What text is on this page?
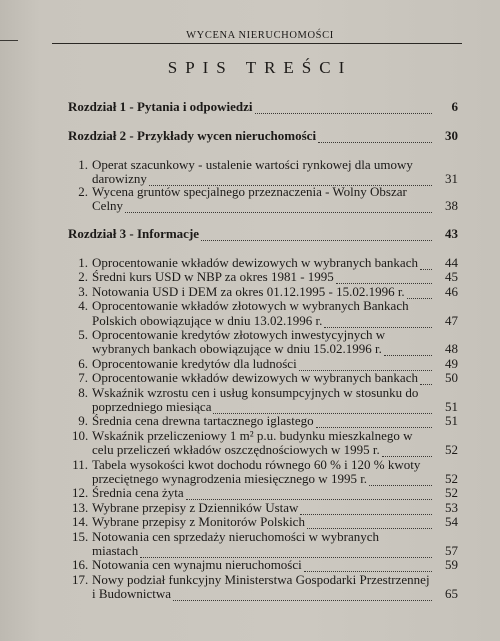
WYCENA NIERUCHOMOŚCI
SPIS TREŚCI
Rozdział 1 - Pytania i odpowiedzi	6
Rozdział 2 - Przykłady wycen nieruchomości	30
Rozdział 3 - Informacje	43
1. Operat szacunkowy - ustalenie wartości rynkowej dla umowy
darowizny	31
2. Wycena gruntów specjalnego przeznaczenia - Wolny Obszar
Celny	38
1. Oprocentowanie wkładów dewizowych w wybranych bankach	44
2. Średni kurs USD w NBP za okres 1981 - 1995	45
3. Notowania USD i DEM za okres 01.12.1995 - 15.02.1996 r.	46
4. Oprocentowanie wkładów złotowych w wybranych Bankach
Polskich obowiązujące w dniu 13.02.1996 r.	47
5. Oprocentowanie kredytów złotowych inwestycyjnych w
wybranych bankach obowiązujące w dniu 15.02.1996 r.	48
6. Oprocentowanie kredytów dla ludności	49
7. Oprocentowanie wkładów dewizowych w wybranych bankach	50
8. Wskaźnik wzrostu cen i usług konsumpcyjnych w stosunku do
poprzedniego miesiąca	51
9. Średnia cena drewna tartacznego iglastego	51
10. Wskaźnik przeliczeniowy 1 m² p.u. budynku mieszkalnego w
celu przeliczeń wkładów oszczędnościowych w 1995 r.	52
11. Tabela wysokości kwot dochodu równego 60 % i 120 % kwoty
przeciętnego wynagrodzenia miesięcznego w 1995 r.	52
12. Średnia cena żyta	52
13. Wybrane przepisy z Dzienników Ustaw	53
14. Wybrane przepisy z Monitorów Polskich	54
15. Notowania cen sprzedaży nieruchomości w wybranych
miastach	57
16. Notowania cen wynajmu nieruchomości	59
17. Nowy podział funkcyjny Ministerstwa Gospodarki Przestrzennej
i Budownictwa	65
